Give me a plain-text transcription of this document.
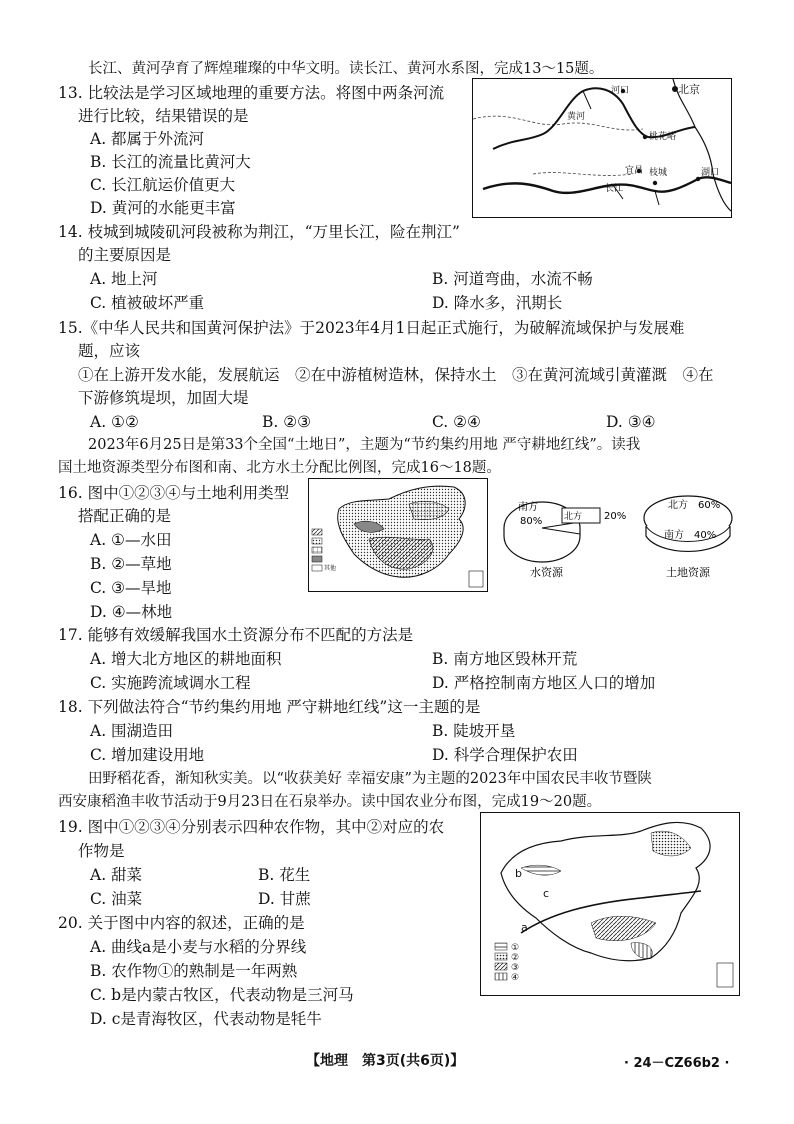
长江、黄河孕育了辉煌璀璨的中华文明。读长江、黄河水系图，完成13～15题。
13. 比较法是学习区域地理的重要方法。将图中两条河流
进行比较，结果错误的是
A. 都属于外流河
B. 长江的流量比黄河大
C. 长江航运价值更大
D. 黄河的水能更丰富
北京
河口
桃花峪
宜昌 枝城	湖口
长江
黄河
14. 枝城到城陵矶河段被称为荆江，“万里长江，险在荆江”
的主要原因是
A. 地上河	B. 河道弯曲，水流不畅
C. 植被破坏严重	D. 降水多，汛期长
15.《中华人民共和国黄河保护法》于2023年4月1日起正式施行，为破解流域保护与发展难
题，应该
①在上游开发水能，发展航运　②在中游植树造林，保持水土　③在黄河流域引黄灌溉　④在
下游修筑堤坝，加固大堤
A. ①②	B. ②③	C. ②④	D. ③④
2023年6月25日是第33个全国“土地日”，主题为“节约集约用地 严守耕地红线”。读我
国土地资源类型分布图和南、北方水土分配比例图，完成16～18题。
16. 图中①②③④与土地利用类型
搭配正确的是
A. ①—水田
B. ②—草地
C. ③—旱地
D. ④—林地
其他
南方
80% 北方 20%
水资源
北方 60%
南方 40%
土地资源
17. 能够有效缓解我国水土资源分布不匹配的方法是
A. 增大北方地区的耕地面积	B. 南方地区毁林开荒
C. 实施跨流域调水工程	D. 严格控制南方地区人口的增加
18. 下列做法符合“节约集约用地 严守耕地红线”这一主题的是
A. 围湖造田	B. 陡坡开垦
C. 增加建设用地	D. 科学合理保护农田
田野稻花香，渐知秋实美。以“收获美好 幸福安康”为主题的2023年中国农民丰收节暨陕
西安康稻渔丰收节活动于9月23日在石泉举办。读中国农业分布图，完成19～20题。
19. 图中①②③④分别表示四种农作物，其中②对应的农
作物是
A. 甜菜	B. 花生
C. 油菜	D. 甘蔗
a
b
c
①
②
③
④
20. 关于图中内容的叙述，正确的是
A. 曲线a是小麦与水稻的分界线
B. 农作物①的熟制是一年两熟
C. b是内蒙古牧区，代表动物是三河马
D. c是青海牧区，代表动物是牦牛
【地理　第3页(共6页)】	· 24－CZ66b2 ·
